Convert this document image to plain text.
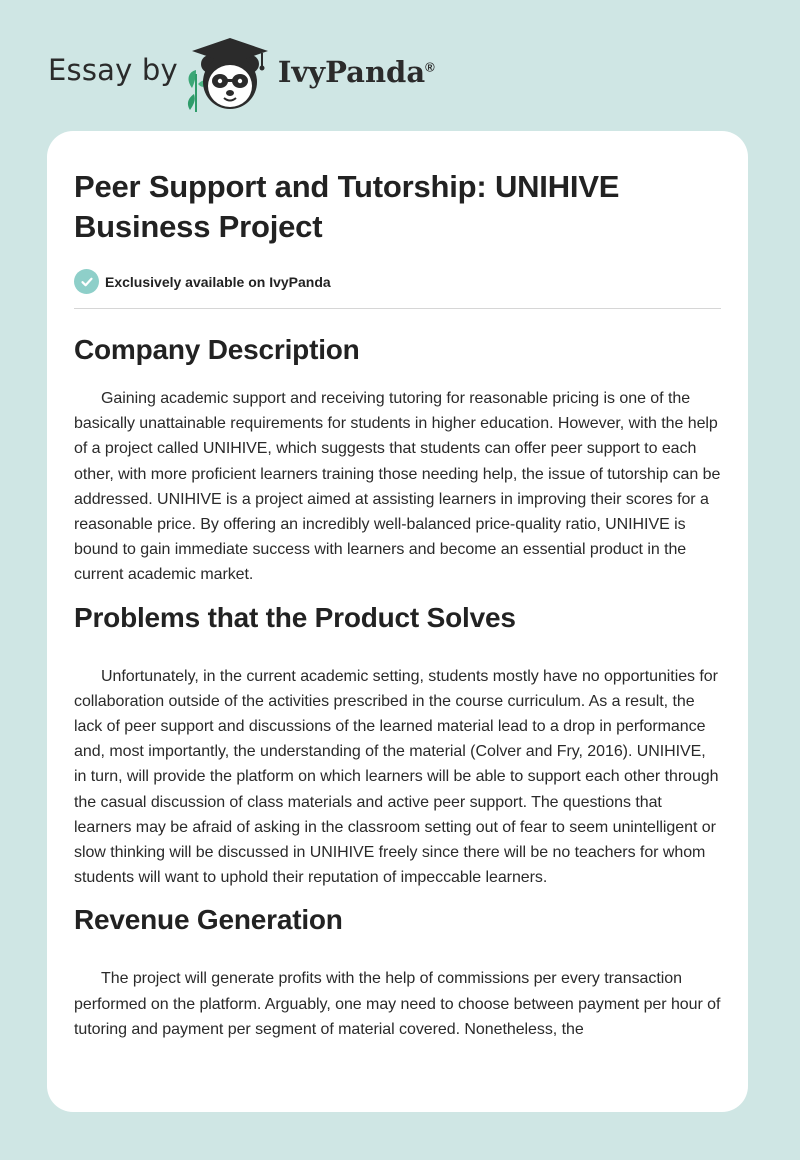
Essay by	IvyPanda®
Peer Support and Tutorship: UNIHIVE Business Project
Exclusively available on IvyPanda
Company Description

Gaining academic support and receiving tutoring for reasonable pricing is one of the basically unattainable requirements for students in higher education. However, with the help of a project called UNIHIVE, which suggests that students can offer peer support to each other, with more proficient learners training those needing help, the issue of tutorship can be addressed. UNIHIVE is a project aimed at assisting learners in improving their scores for a reasonable price. By offering an incredibly well-balanced price-quality ratio, UNIHIVE is bound to gain immediate success with learners and become an essential product in the current academic market.

Problems that the Product Solves

Unfortunately, in the current academic setting, students mostly have no opportunities for collaboration outside of the activities prescribed in the course curriculum. As a result, the lack of peer support and discussions of the learned material lead to a drop in performance and, most importantly, the understanding of the material (Colver and Fry, 2016). UNIHIVE, in turn, will provide the platform on which learners will be able to support each other through the casual discussion of class materials and active peer support. The questions that learners may be afraid of asking in the classroom setting out of fear to seem unintelligent or slow thinking will be discussed in UNIHIVE freely since there will be no teachers for whom students will want to uphold their reputation of impeccable learners.

Revenue Generation

The project will generate profits with the help of commissions per every transaction performed on the platform. Arguably, one may need to choose between payment per hour of tutoring and payment per segment of material covered. Nonetheless, the
